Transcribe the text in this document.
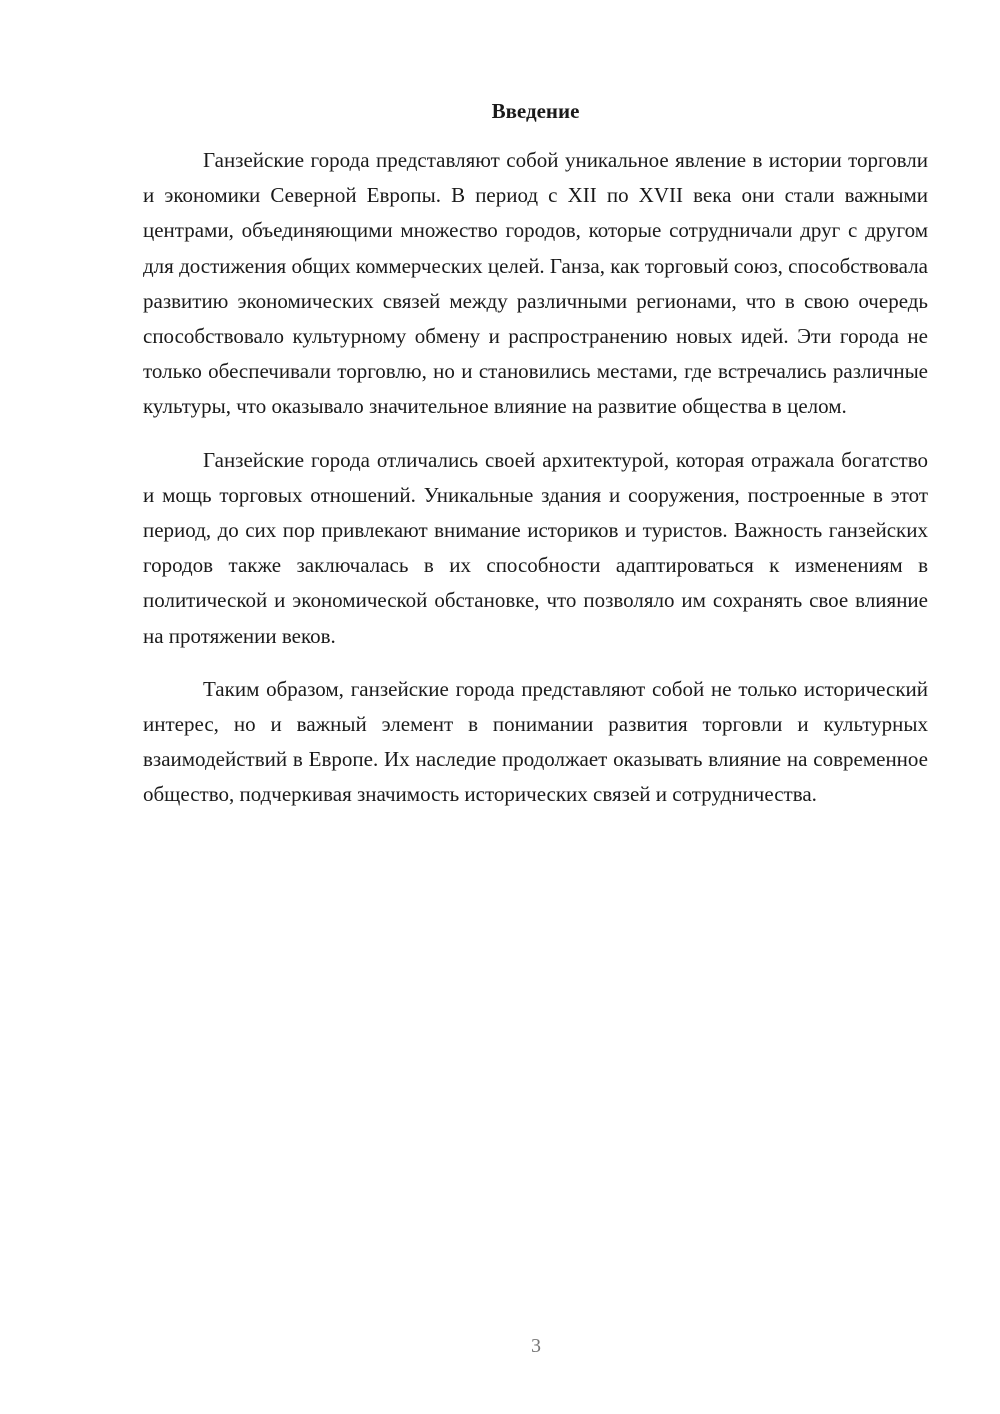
Введение

Ганзейские города представляют собой уникальное явление в истории торговли и экономики Северной Европы. В период с XII по XVII века они стали важными центрами, объединяющими множество городов, которые сотрудничали друг с другом для достижения общих коммерческих целей. Ганза, как торговый союз, способствовала развитию экономических связей между различными регионами, что в свою очередь способствовало культурному обмену и распространению новых идей. Эти города не только обеспечивали торговлю, но и становились местами, где встречались различные культуры, что оказывало значительное влияние на развитие общества в целом.

Ганзейские города отличались своей архитектурой, которая отражала богатство и мощь торговых отношений. Уникальные здания и сооружения, построенные в этот период, до сих пор привлекают внимание историков и туристов. Важность ганзейских городов также заключалась в их способности адаптироваться к изменениям в политической и экономической обстановке, что позволяло им сохранять свое влияние на протяжении веков.

Таким образом, ганзейские города представляют собой не только исторический интерес, но и важный элемент в понимании развития торговли и культурных взаимодействий в Европе. Их наследие продолжает оказывать влияние на современное общество, подчеркивая значимость исторических связей и сотрудничества.

3
